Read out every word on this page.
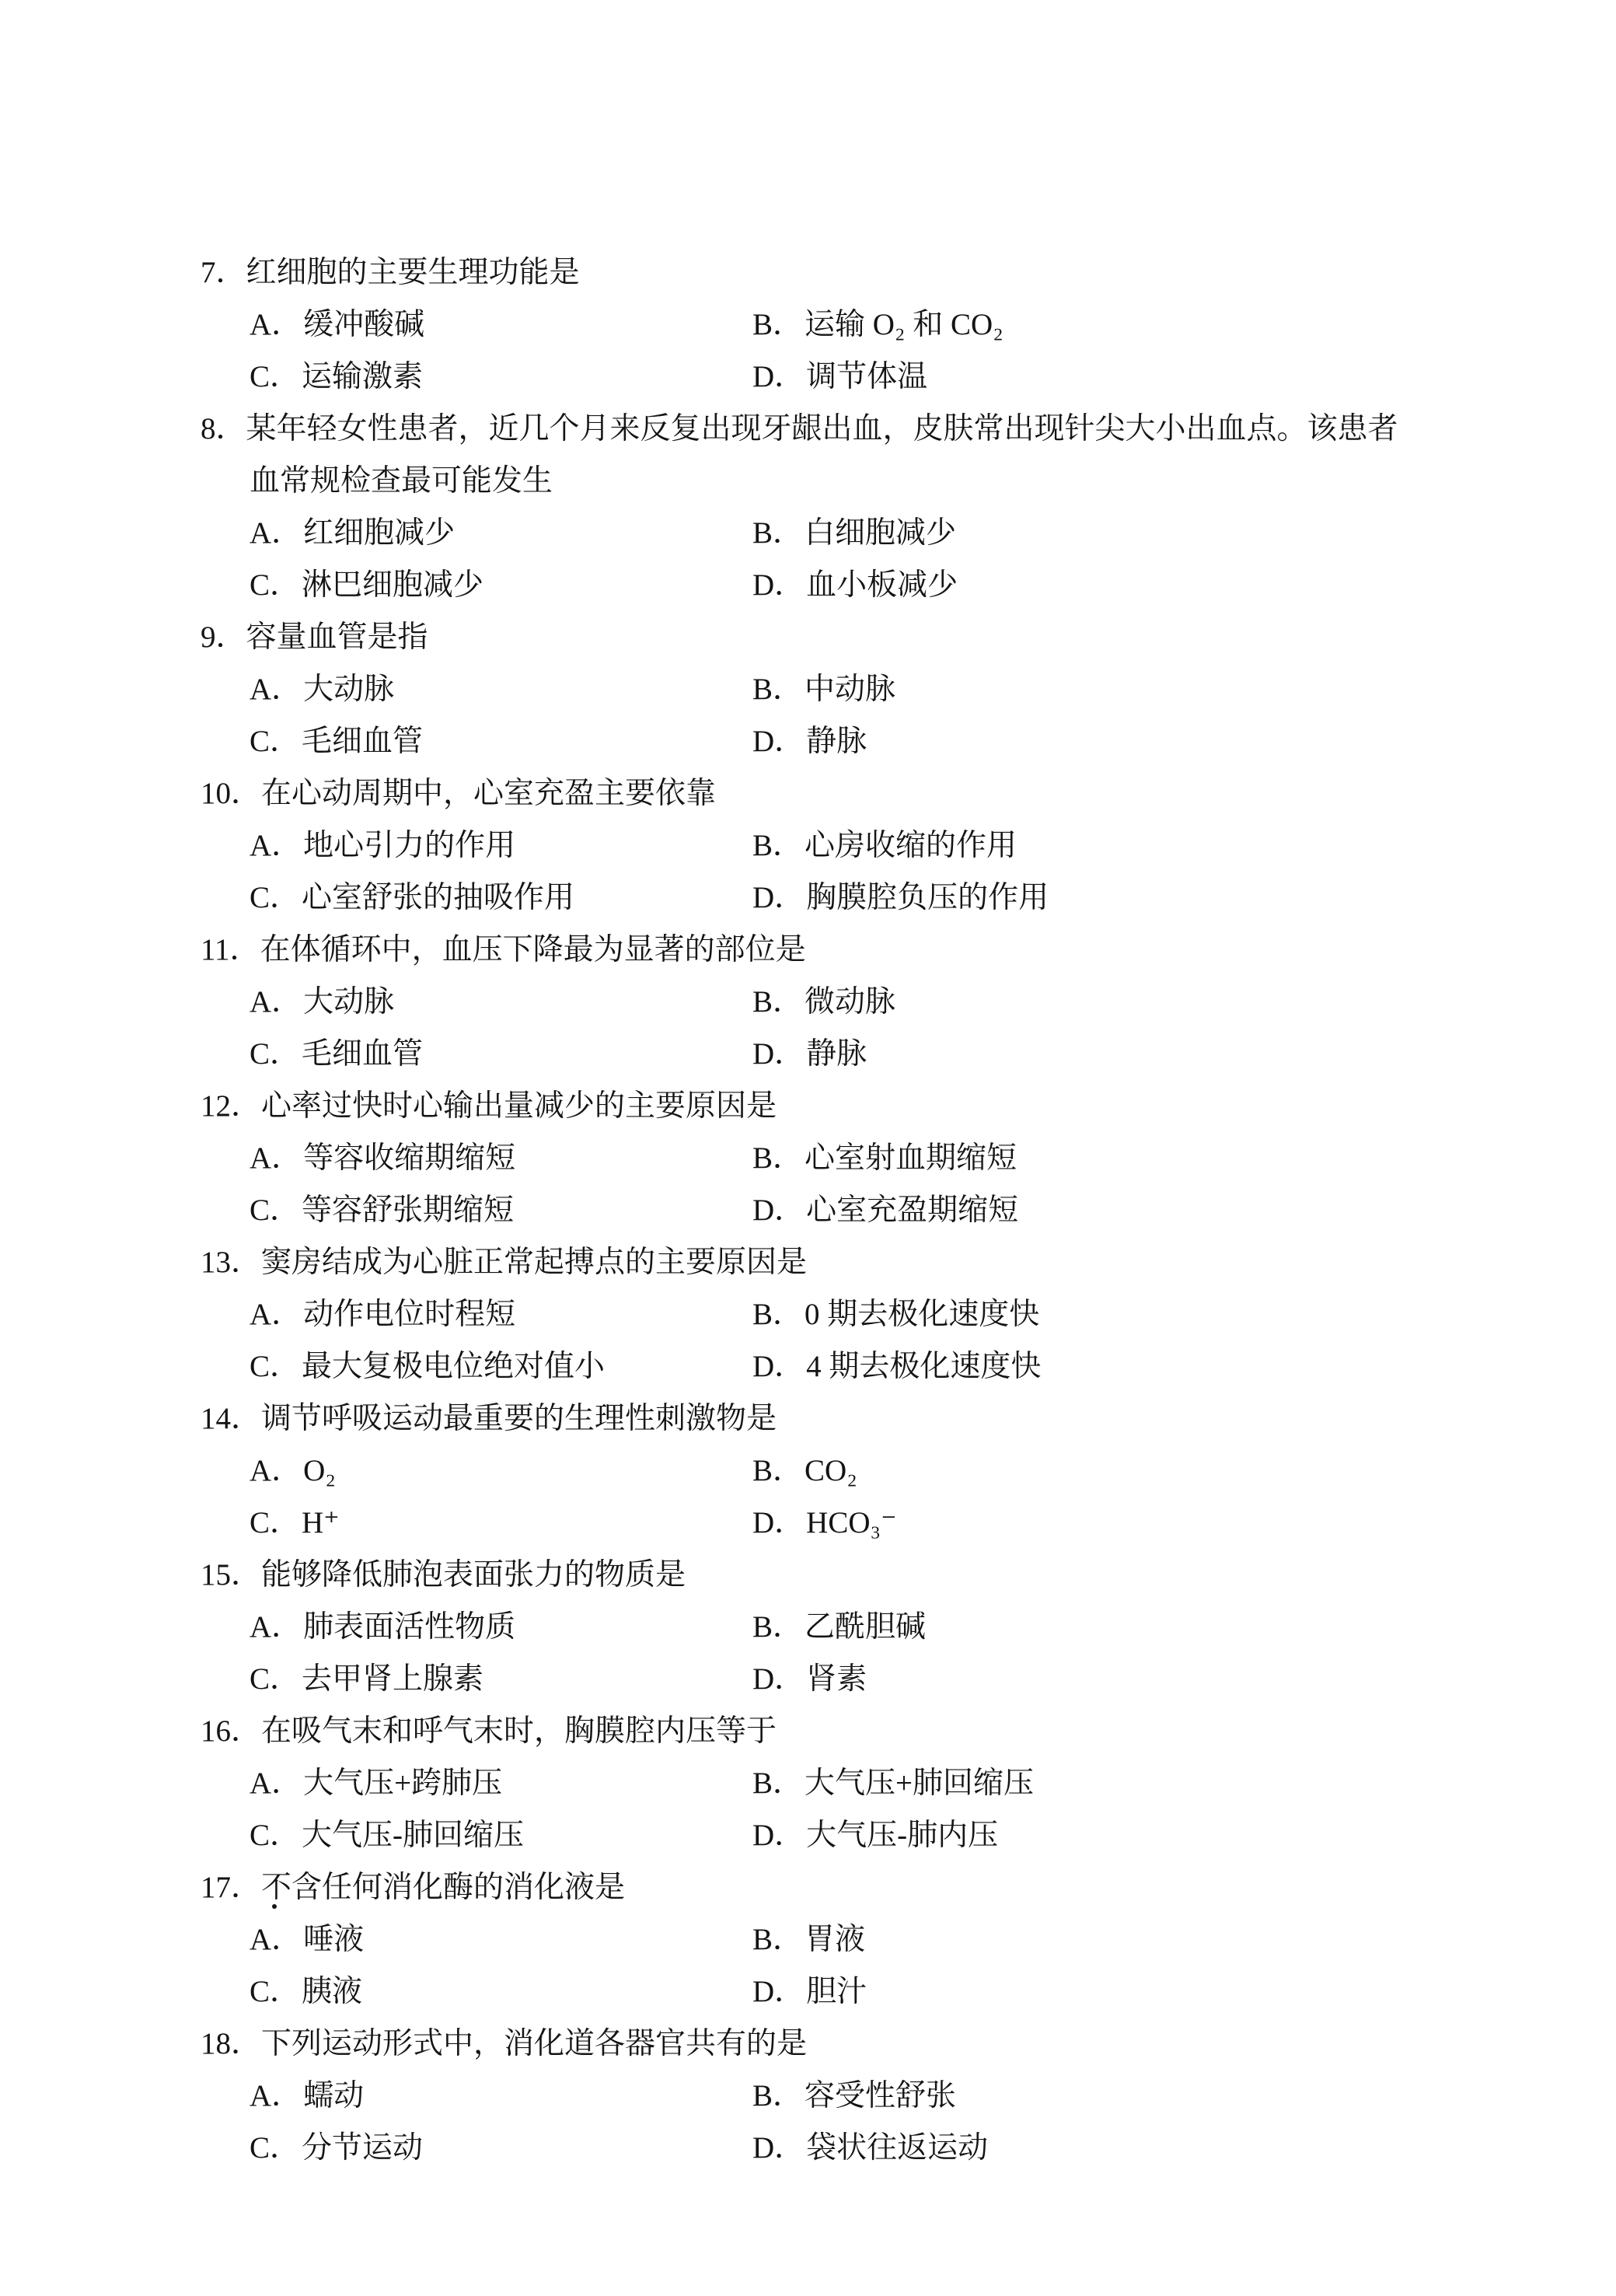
7．红细胞的主要生理功能是
A．缓冲酸碱	B．运输 O₂ 和 CO₂
C．运输激素	D．调节体温
8．某年轻女性患者，近几个月来反复出现牙龈出血，皮肤常出现针尖大小出血点。该患者
血常规检查最可能发生
A．红细胞减少	B．白细胞减少
C．淋巴细胞减少	D．血小板减少
9．容量血管是指
A．大动脉	B．中动脉
C．毛细血管	D．静脉
10．在心动周期中，心室充盈主要依靠
A．地心引力的作用	B．心房收缩的作用
C．心室舒张的抽吸作用	D．胸膜腔负压的作用
11．在体循环中，血压下降最为显著的部位是
A．大动脉	B．微动脉
C．毛细血管	D．静脉
12．心率过快时心输出量减少的主要原因是
A．等容收缩期缩短	B．心室射血期缩短
C．等容舒张期缩短	D．心室充盈期缩短
13．窦房结成为心脏正常起搏点的主要原因是
A．动作电位时程短	B．0 期去极化速度快
C．最大复极电位绝对值小	D．4 期去极化速度快
14．调节呼吸运动最重要的生理性刺激物是
A．O₂	B．CO₂
C．H⁺	D．HCO₃⁻
15．能够降低肺泡表面张力的物质是
A．肺表面活性物质	B．乙酰胆碱
C．去甲肾上腺素	D．肾素
16．在吸气末和呼气末时，胸膜腔内压等于
A．大气压+跨肺压	B．大气压+肺回缩压
C．大气压-肺回缩压	D．大气压-肺内压
17．
不含任何消化酶的消化液是
A．唾液	B．胃液
C．胰液	D．胆汁
18．下列运动形式中，消化道各器官共有的是
A．蠕动	B．容受性舒张
C．分节运动	D．袋状往返运动
